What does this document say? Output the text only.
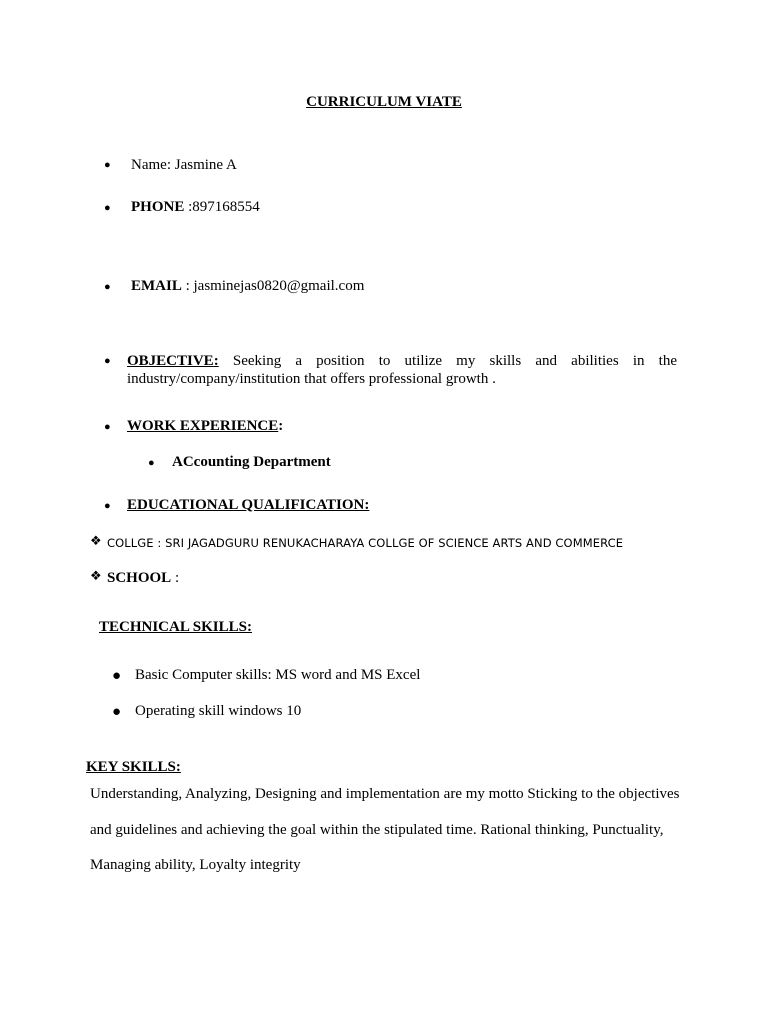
CURRICULUM VIATE
● Name: Jasmine A
● PHONE :897168554
● EMAIL : jasminejas0820@gmail.com
● OBJECTIVE: Seeking a position to utilize my skills and abilities in the industry/company/institution that offers professional growth .
● WORK EXPERIENCE:
● ACcounting Department
● EDUCATIONAL QUALIFICATION:
❖ COLLGE : SRI JAGADGURU RENUKACHARAYA COLLGE OF SCIENCE ARTS AND COMMERCE
❖ SCHOOL :
TECHNICAL SKILLS:
● Basic Computer skills: MS word and MS Excel
● Operating skill windows 10
KEY SKILLS:
Understanding, Analyzing, Designing and implementation are my motto Sticking to the objectives and guidelines and achieving the goal within the stipulated time. Rational thinking, Punctuality, Managing ability, Loyalty integrity
